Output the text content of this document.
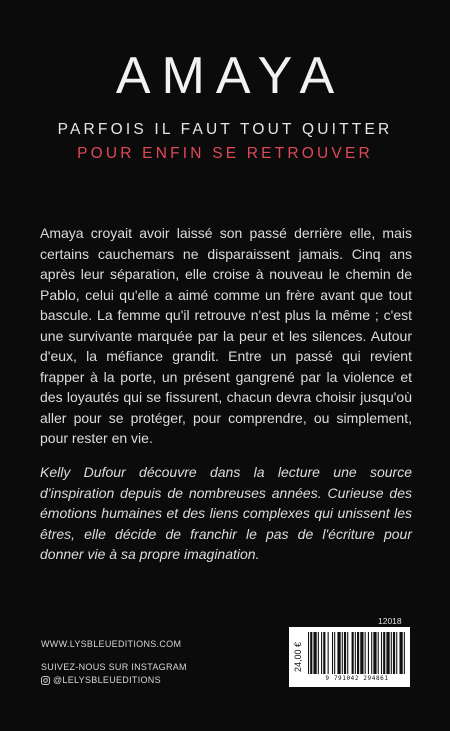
AMAYA
PARFOIS IL FAUT TOUT QUITTER
POUR ENFIN SE RETROUVER

Amaya croyait avoir laissé son passé derrière elle, mais certains cauchemars ne disparaissent jamais. Cinq ans après leur séparation, elle croise à nouveau le chemin de Pablo, celui qu'elle a aimé comme un frère avant que tout bascule. La femme qu'il retrouve n'est plus la même ; c'est une survivante marquée par la peur et les silences. Autour d'eux, la méfiance grandit. Entre un passé qui revient frapper à la porte, un présent gangrené par la violence et des loyautés qui se fissurent, chacun devra choisir jusqu'où aller pour se protéger, pour comprendre, ou simplement, pour rester en vie.

Kelly Dufour découvre dans la lecture une source d'inspiration depuis de nombreuses années. Curieuse des émotions humaines et des liens complexes qui unissent les êtres, elle décide de franchir le pas de l'écriture pour donner vie à sa propre imagination.

WWW.LYSBLEUEDITIONS.COM
SUIVEZ-NOUS SUR INSTAGRAM
@LELYSBLEUEDITIONS
12018
24,00 €
9 791042 294861
